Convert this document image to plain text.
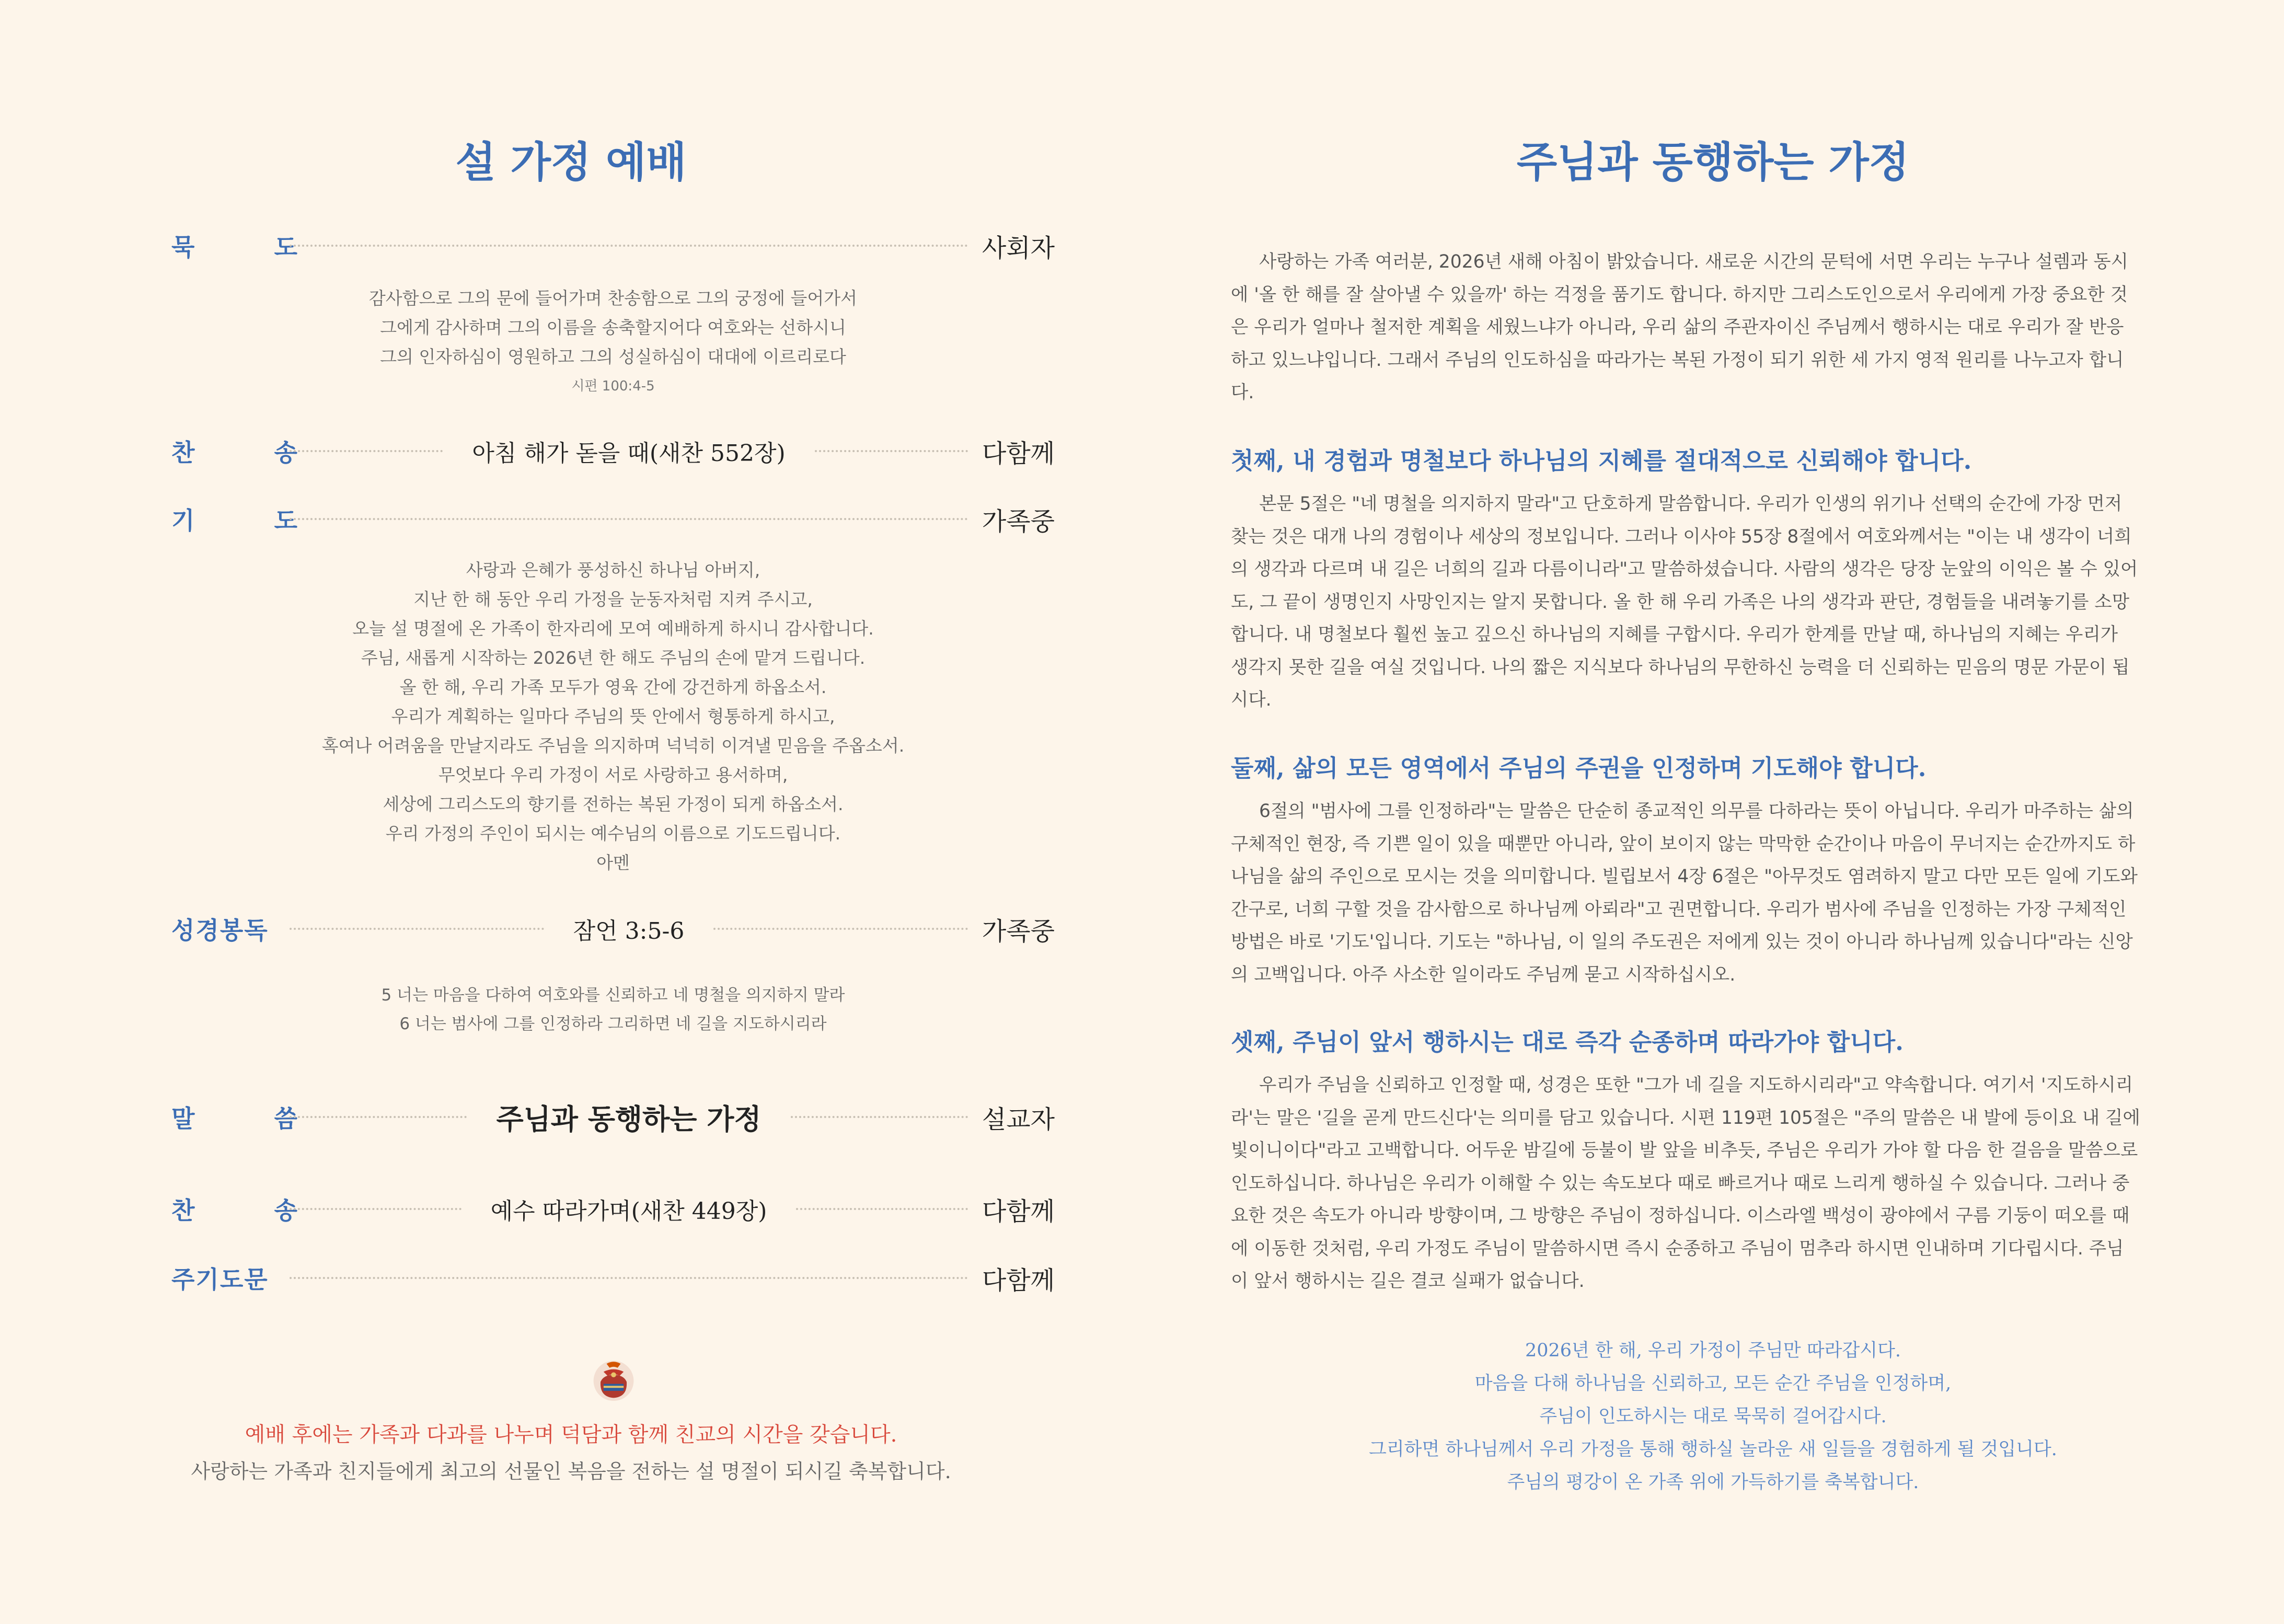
설 가정 예배
묵 도	사회자

감사함으로 그의 문에 들어가며 찬송함으로 그의 궁정에 들어가서

그에게 감사하며 그의 이름을 송축할지어다 여호와는 선하시니

그의 인자하심이 영원하고 그의 성실하심이 대대에 이르리로다

시편 100:4-5

찬 송	아침 해가 돋을 때(새찬 552장)	다함께
기 도	가족중

사랑과 은혜가 풍성하신 하나님 아버지,

지난 한 해 동안 우리 가정을 눈동자처럼 지켜 주시고,

오늘 설 명절에 온 가족이 한자리에 모여 예배하게 하시니 감사합니다.

주님, 새롭게 시작하는 2026년 한 해도 주님의 손에 맡겨 드립니다.

올 한 해, 우리 가족 모두가 영육 간에 강건하게 하옵소서.

우리가 계획하는 일마다 주님의 뜻 안에서 형통하게 하시고,

혹여나 어려움을 만날지라도 주님을 의지하며 넉넉히 이겨낼 믿음을 주옵소서.

무엇보다 우리 가정이 서로 사랑하고 용서하며,

세상에 그리스도의 향기를 전하는 복된 가정이 되게 하옵소서.

우리 가정의 주인이 되시는 예수님의 이름으로 기도드립니다.

아멘

성경봉독	잠언 3:5-6	가족중

5 너는 마음을 다하여 여호와를 신뢰하고 네 명철을 의지하지 말라

6 너는 범사에 그를 인정하라 그리하면 네 길을 지도하시리라

말 씀	주님과 동행하는 가정	설교자
찬 송	예수 따라가며(새찬 449장)	다함께
주기도문	다함께
예배 후에는 가족과 다과를 나누며 덕담과 함께 친교의 시간을 갖습니다.
사랑하는 가족과 친지들에게 최고의 선물인 복음을 전하는 설 명절이 되시길 축복합니다.
주님과 동행하는 가정

사랑하는 가족 여러분, 2026년 새해 아침이 밝았습니다. 새로운 시간의 문턱에 서면 우리는 누구나 설렘과 동시에 '올 한 해를 잘 살아낼 수 있을까' 하는 걱정을 품기도 합니다. 하지만 그리스도인으로서 우리에게 가장 중요한 것은 우리가 얼마나 철저한 계획을 세웠느냐가 아니라, 우리 삶의 주관자이신 주님께서 행하시는 대로 우리가 잘 반응하고 있느냐입니다. 그래서 주님의 인도하심을 따라가는 복된 가정이 되기 위한 세 가지 영적 원리를 나누고자 합니다.

첫째, 내 경험과 명철보다 하나님의 지혜를 절대적으로 신뢰해야 합니다.

본문 5절은 "네 명철을 의지하지 말라"고 단호하게 말씀합니다. 우리가 인생의 위기나 선택의 순간에 가장 먼저 찾는 것은 대개 나의 경험이나 세상의 정보입니다. 그러나 이사야 55장 8절에서 여호와께서는 "이는 내 생각이 너희의 생각과 다르며 내 길은 너희의 길과 다름이니라"고 말씀하셨습니다. 사람의 생각은 당장 눈앞의 이익은 볼 수 있어도, 그 끝이 생명인지 사망인지는 알지 못합니다. 올 한 해 우리 가족은 나의 생각과 판단, 경험들을 내려놓기를 소망합니다. 내 명철보다 훨씬 높고 깊으신 하나님의 지혜를 구합시다. 우리가 한계를 만날 때, 하나님의 지혜는 우리가 생각지 못한 길을 여실 것입니다. 나의 짧은 지식보다 하나님의 무한하신 능력을 더 신뢰하는 믿음의 명문 가문이 됩시다.

둘째, 삶의 모든 영역에서 주님의 주권을 인정하며 기도해야 합니다.

6절의 "범사에 그를 인정하라"는 말씀은 단순히 종교적인 의무를 다하라는 뜻이 아닙니다. 우리가 마주하는 삶의 구체적인 현장, 즉 기쁜 일이 있을 때뿐만 아니라, 앞이 보이지 않는 막막한 순간이나 마음이 무너지는 순간까지도 하나님을 삶의 주인으로 모시는 것을 의미합니다. 빌립보서 4장 6절은 "아무것도 염려하지 말고 다만 모든 일에 기도와 간구로, 너희 구할 것을 감사함으로 하나님께 아뢰라"고 권면합니다. 우리가 범사에 주님을 인정하는 가장 구체적인 방법은 바로 '기도'입니다. 기도는 "하나님, 이 일의 주도권은 저에게 있는 것이 아니라 하나님께 있습니다"라는 신앙의 고백입니다. 아주 사소한 일이라도 주님께 묻고 시작하십시오.

셋째, 주님이 앞서 행하시는 대로 즉각 순종하며 따라가야 합니다.

우리가 주님을 신뢰하고 인정할 때, 성경은 또한 "그가 네 길을 지도하시리라"고 약속합니다. 여기서 '지도하시리라'는 말은 '길을 곧게 만드신다'는 의미를 담고 있습니다. 시편 119편 105절은 "주의 말씀은 내 발에 등이요 내 길에 빛이니이다"라고 고백합니다. 어두운 밤길에 등불이 발 앞을 비추듯, 주님은 우리가 가야 할 다음 한 걸음을 말씀으로 인도하십니다. 하나님은 우리가 이해할 수 있는 속도보다 때로 빠르거나 때로 느리게 행하실 수 있습니다. 그러나 중요한 것은 속도가 아니라 방향이며, 그 방향은 주님이 정하십니다. 이스라엘 백성이 광야에서 구름 기둥이 떠오를 때에 이동한 것처럼, 우리 가정도 주님이 말씀하시면 즉시 순종하고 주님이 멈추라 하시면 인내하며 기다립시다. 주님이 앞서 행하시는 길은 결코 실패가 없습니다.

2026년 한 해, 우리 가정이 주님만 따라갑시다.

마음을 다해 하나님을 신뢰하고, 모든 순간 주님을 인정하며,

주님이 인도하시는 대로 묵묵히 걸어갑시다.

그리하면 하나님께서 우리 가정을 통해 행하실 놀라운 새 일들을 경험하게 될 것입니다.

주님의 평강이 온 가족 위에 가득하기를 축복합니다.
